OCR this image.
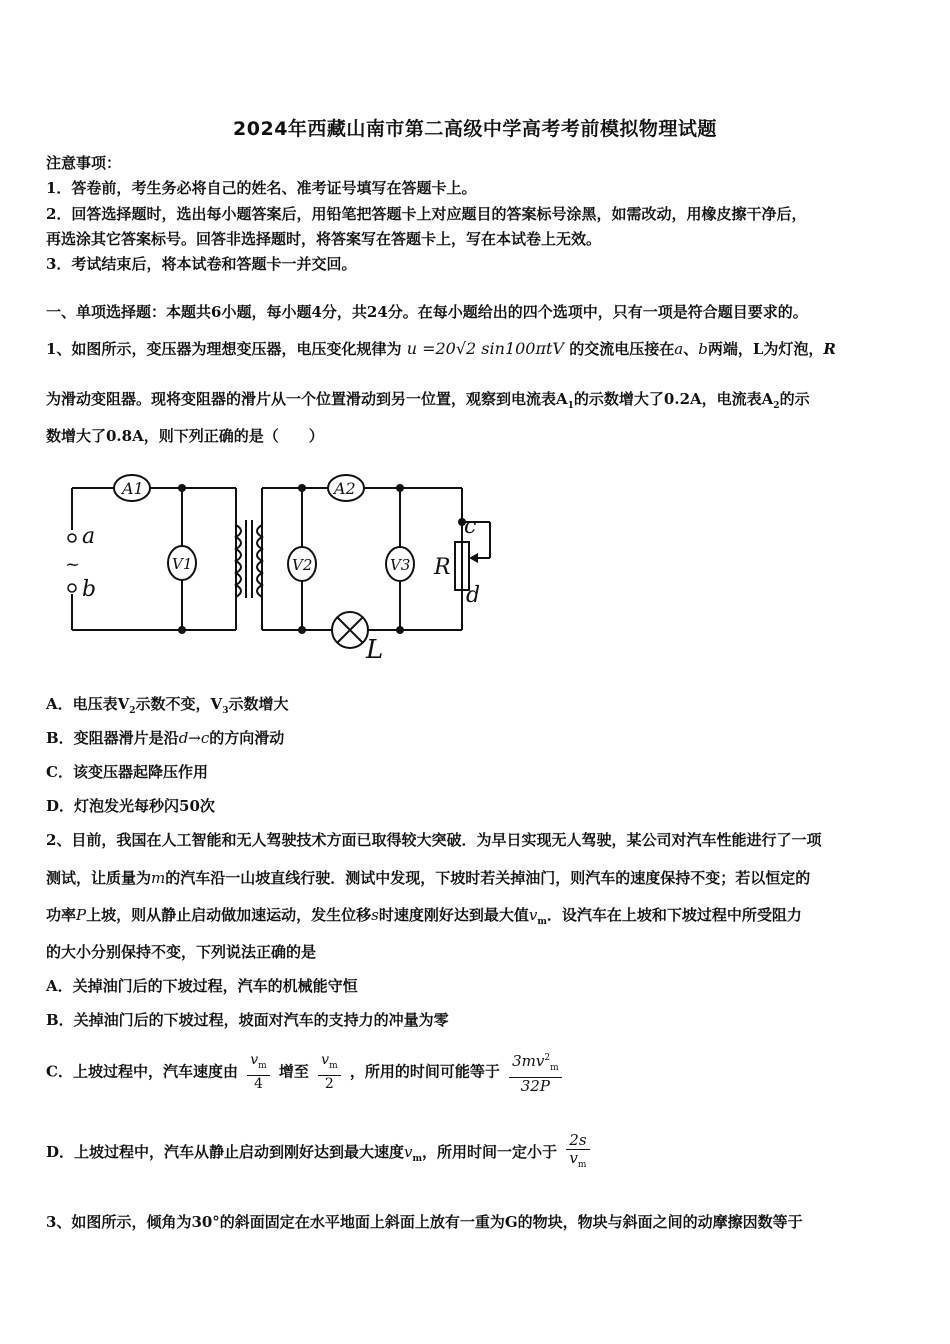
2024年西藏山南市第二高级中学高考考前模拟物理试题
注意事项：
1．答卷前，考生务必将自己的姓名、准考证号填写在答题卡上。
2．回答选择题时，选出每小题答案后，用铅笔把答题卡上对应题目的答案标号涂黑，如需改动，用橡皮擦干净后，
再选涂其它答案标号。回答非选择题时，将答案写在答题卡上，写在本试卷上无效。
3．考试结束后，将本试卷和答题卡一并交回。
一、单项选择题：本题共6小题，每小题4分，共24分。在每小题给出的四个选项中，只有一项是符合题目要求的。
1、如图所示，变压器为理想变压器，电压变化规律为 u =20√2 sin100πtV 的交流电压接在a、b两端，L为灯泡，R
为滑动变阻器。现将变阻器的滑片从一个位置滑动到另一位置，观察到电流表$A_1$的示数增大了0.2A，电流表$A_2$的示
数增大了0.8A，则下列正确的是（　　）
A1	A2
V1	V2	V3
a
b
~
c
d
R
L
A．电压表$V_2$示数不变，$V_3$示数增大
B．变阻器滑片是沿d→c的方向滑动
C．该变压器起降压作用
D．灯泡发光每秒闪50次
2、目前，我国在人工智能和无人驾驶技术方面已取得较大突破．为早日实现无人驾驶，某公司对汽车性能进行了一项
测试，让质量为m的汽车沿一山坡直线行驶．测试中发现，下坡时若关掉油门，则汽车的速度保持不变；若以恒定的
功率P上坡，则从静止启动做加速运动，发生位移s时速度刚好达到最大值$v_m$．设汽车在上坡和下坡过程中所受阻力
的大小分别保持不变，下列说法正确的是
A．关掉油门后的下坡过程，汽车的机械能守恒
B．关掉油门后的下坡过程，坡面对汽车的支持力的冲量为零
C．上坡过程中，汽车速度由 $\frac{v_m}{4}$ 增至 $\frac{v_m}{2}$ ，所用的时间可能等于 $\frac{3mv^2_m}{32P}$
D．上坡过程中，汽车从静止启动到刚好达到最大速度$v_m$，所用时间一定小于 $\frac{2s}{v_m}$
3、如图所示，倾角为30°的斜面固定在水平地面上斜面上放有一重为G的物块，物块与斜面之间的动摩擦因数等于
